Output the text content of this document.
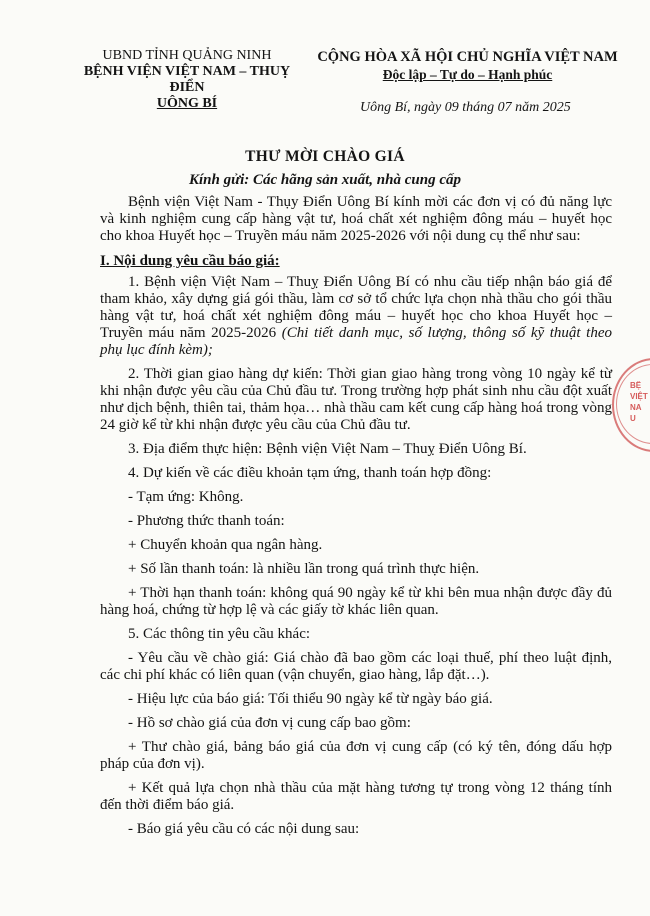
UBND TỈNH QUẢNG NINH
BỆNH VIỆN VIỆT NAM – THUỴ ĐIỂN
UÔNG BÍ
CỘNG HÒA XÃ HỘI CHỦ NGHĨA VIỆT NAM
Độc lập – Tự do – Hạnh phúc
Uông Bí, ngày 09 tháng 07 năm 2025
THƯ MỜI CHÀO GIÁ
Kính gửi: Các hãng sản xuất, nhà cung cấp
BỆ
VIỆT NA
U

Bệnh viện Việt Nam - Thụy Điển Uông Bí kính mời các đơn vị có đủ năng lực và kinh nghiệm cung cấp hàng vật tư, hoá chất xét nghiệm đông máu – huyết học cho khoa Huyết học – Truyền máu năm 2025-2026 với nội dung cụ thể như sau:

I. Nội dung yêu cầu báo giá:

1. Bệnh viện Việt Nam – Thuỵ Điển Uông Bí có nhu cầu tiếp nhận báo giá để tham khảo, xây dựng giá gói thầu, làm cơ sở tổ chức lựa chọn nhà thầu cho gói thầu hàng vật tư, hoá chất xét nghiệm đông máu – huyết học cho khoa Huyết học – Truyền máu năm 2025-2026 (Chi tiết danh mục, số lượng, thông số kỹ thuật theo phụ lục đính kèm);

2. Thời gian giao hàng dự kiến: Thời gian giao hàng trong vòng 10 ngày kể từ khi nhận được yêu cầu của Chủ đầu tư. Trong trường hợp phát sinh nhu cầu đột xuất như dịch bệnh, thiên tai, thảm họa… nhà thầu cam kết cung cấp hàng hoá trong vòng 24 giờ kể từ khi nhận được yêu cầu của Chủ đầu tư.

3. Địa điểm thực hiện: Bệnh viện Việt Nam – Thuỵ Điển Uông Bí.

4. Dự kiến về các điều khoản tạm ứng, thanh toán hợp đồng:

- Tạm ứng: Không.

- Phương thức thanh toán:

+ Chuyển khoản qua ngân hàng.

+ Số lần thanh toán: là nhiều lần trong quá trình thực hiện.

+ Thời hạn thanh toán: không quá 90 ngày kể từ khi bên mua nhận được đầy đủ hàng hoá, chứng từ hợp lệ và các giấy tờ khác liên quan.

5. Các thông tin yêu cầu khác:

- Yêu cầu về chào giá: Giá chào đã bao gồm các loại thuế, phí theo luật định, các chi phí khác có liên quan (vận chuyển, giao hàng, lắp đặt…).

- Hiệu lực của báo giá: Tối thiểu 90 ngày kể từ ngày báo giá.

- Hồ sơ chào giá của đơn vị cung cấp bao gồm:

+ Thư chào giá, bảng báo giá của đơn vị cung cấp (có ký tên, đóng dấu hợp pháp của đơn vị).

+ Kết quả lựa chọn nhà thầu của mặt hàng tương tự trong vòng 12 tháng tính đến thời điểm báo giá.

- Báo giá yêu cầu có các nội dung sau:
